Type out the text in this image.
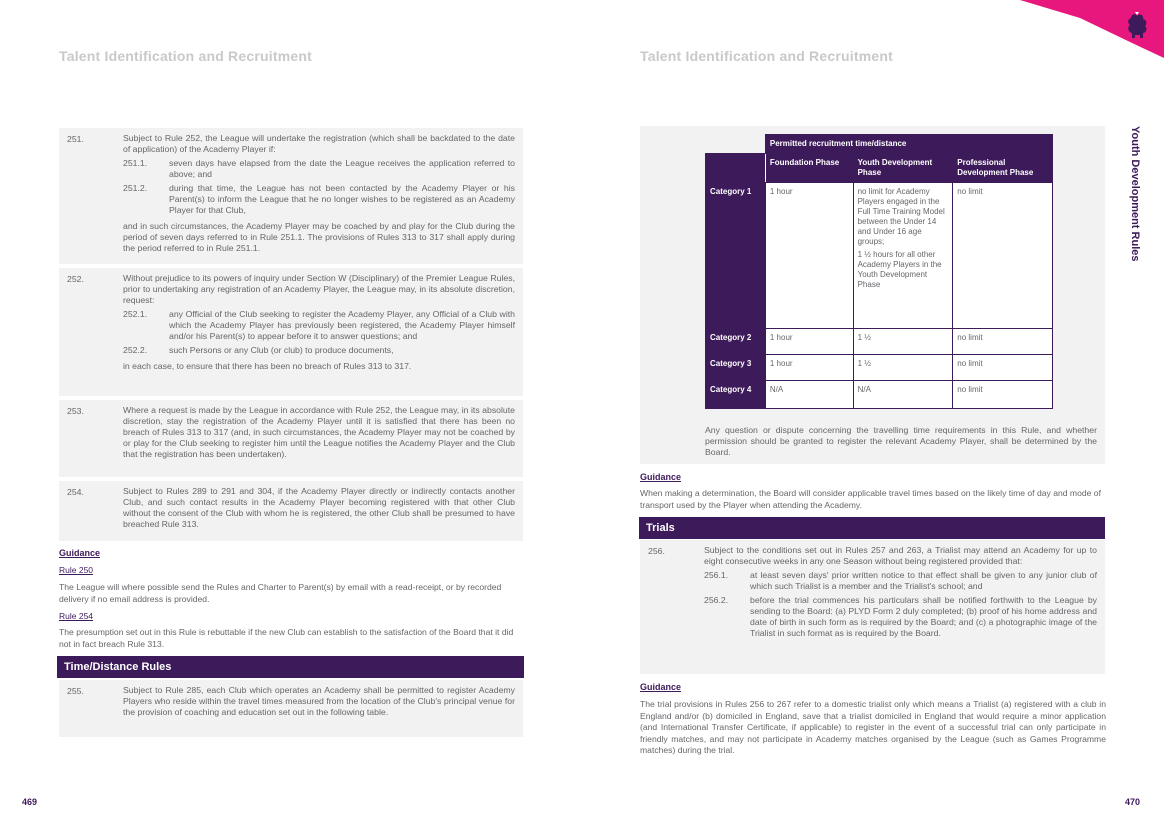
Talent Identification and Recruitment	Talent Identification and Recruitment
Youth Development Rules
251.	Subject to Rule 252, the League will undertake the registration (which shall be backdated to the date of application) of the Academy Player if:

251.1.	seven days have elapsed from the date the League receives the application referred to above; and
251.2.	during that time, the League has not been contacted by the Academy Player or his Parent(s) to inform the League that he no longer wishes to be registered as an Academy Player for that Club,

and in such circumstances, the Academy Player may be coached by and play for the Club during the period of seven days referred to in Rule 251.1. The provisions of Rules 313 to 317 shall apply during the period referred to in Rule 251.1.

252.	Without prejudice to its powers of inquiry under Section W (Disciplinary) of the Premier League Rules, prior to undertaking any registration of an Academy Player, the League may, in its absolute discretion, request:

252.1.	any Official of the Club seeking to register the Academy Player, any Official of a Club with which the Academy Player has previously been registered, the Academy Player himself and/or his Parent(s) to appear before it to answer questions; and
252.2.	such Persons or any Club (or club) to produce documents,

in each case, to ensure that there has been no breach of Rules 313 to 317.

253.	Where a request is made by the League in accordance with Rule 252, the League may, in its absolute discretion, stay the registration of the Academy Player until it is satisfied that there has been no breach of Rules 313 to 317 (and, in such circumstances, the Academy Player may not be coached by or play for the Club seeking to register him until the League notifies the Academy Player and the Club that the registration has been undertaken).

254.	Subject to Rules 289 to 291 and 304, if the Academy Player directly or indirectly contacts another Club, and such contact results in the Academy Player becoming registered with that other Club without the consent of the Club with whom he is registered, the other Club shall be presumed to have breached Rule 313.

Guidance
Rule 250
The League will where possible send the Rules and Charter to Parent(s) by email with a read-receipt, or by recorded delivery if no email address is provided.
Rule 254
The presumption set out in this Rule is rebuttable if the new Club can establish to the satisfaction of the Board that it did not in fact breach Rule 313.
Time/Distance Rules
255.	Subject to Rule 285, each Club which operates an Academy shall be permitted to register Academy Players who reside within the travel times measured from the location of the Club's principal venue for the provision of coaching and education set out in the following table.

	Permitted recruitment time/distance		
	Foundation Phase	Youth Development Phase	Professional Development Phase
Category 1	1 hour	no limit for Academy Players engaged in the Full Time Training Model between the Under 14 and Under 16 age groups;
1 ½ hours for all other Academy Players in the Youth Development Phase	no limit
Category 2	1 hour	1 ½	no limit
Category 3	1 hour	1 ½	no limit
Category 4	N/A	N/A	no limit
Any question or dispute concerning the travelling time requirements in this Rule, and whether permission should be granted to register the relevant Academy Player, shall be determined by the Board.
Guidance
When making a determination, the Board will consider applicable travel times based on the likely time of day and mode of transport used by the Player when attending the Academy.
Trials
256.	Subject to the conditions set out in Rules 257 and 263, a Trialist may attend an Academy for up to eight consecutive weeks in any one Season without being registered provided that:

256.1.	at least seven days' prior written notice to that effect shall be given to any junior club of which such Trialist is a member and the Trialist's school; and
256.2.	before the trial commences his particulars shall be notified forthwith to the League by sending to the Board: (a) PLYD Form 2 duly completed; (b) proof of his home address and date of birth in such form as is required by the Board; and (c) a photographic image of the Trialist in such format as is required by the Board.
Guidance
The trial provisions in Rules 256 to 267 refer to a domestic trialist only which means a Trialist (a) registered with a club in England and/or (b) domiciled in England, save that a trialist domiciled in England that would require a minor application (and International Transfer Certificate, if applicable) to register in the event of a successful trial can only participate in friendly matches, and may not participate in Academy matches organised by the League (such as Games Programme matches) during the trial.
469	470
